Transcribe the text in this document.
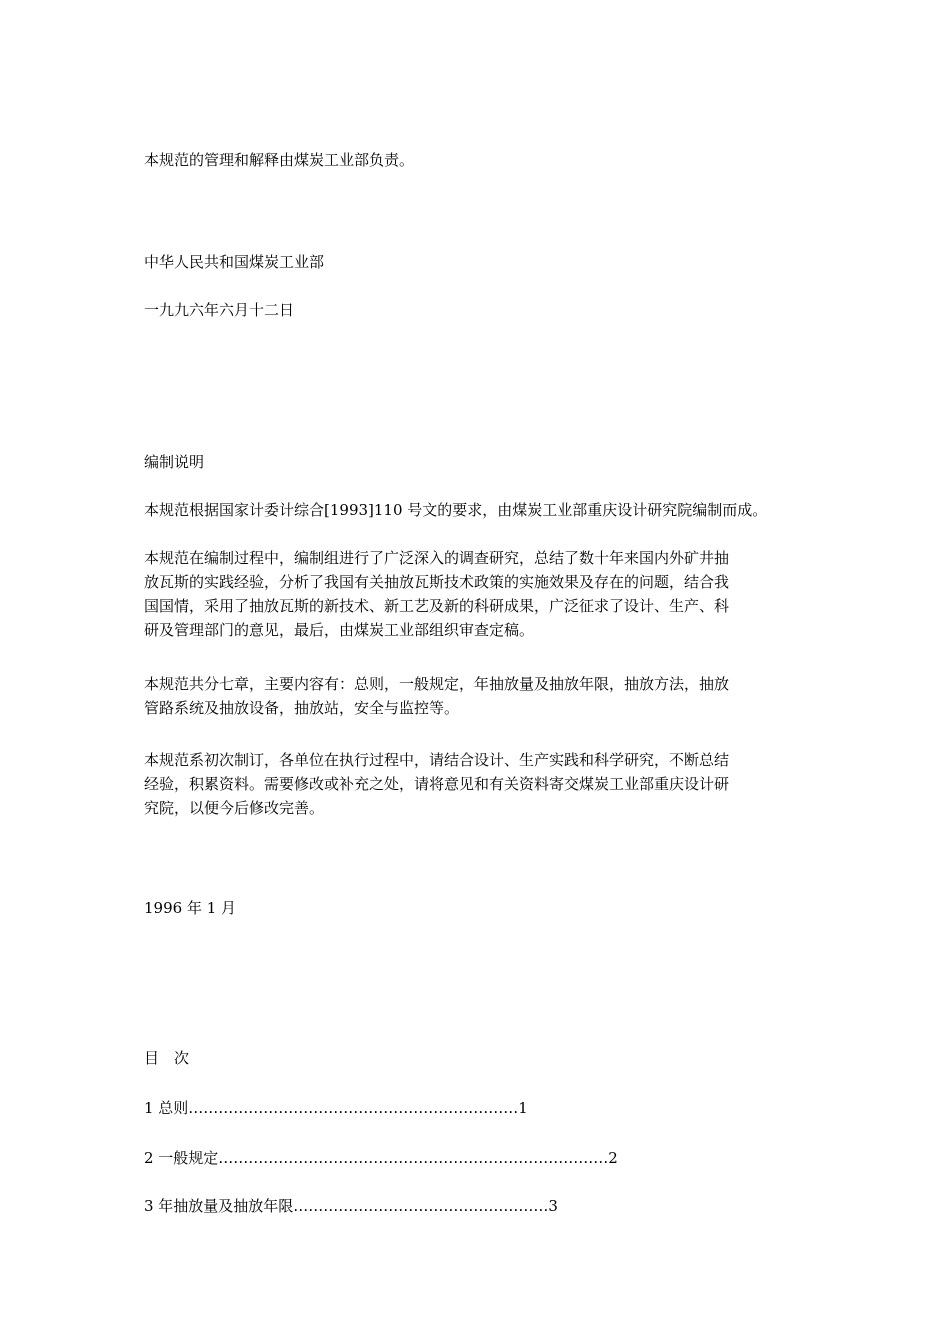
本规范的管理和解释由煤炭工业部负责。
中华人民共和国煤炭工业部
一九九六年六月十二日
编制说明
本规范根据国家计委计综合[1993]110 号文的要求，由煤炭工业部重庆设计研究院编制而成。
本规范在编制过程中，编制组进行了广泛深入的调查研究，总结了数十年来国内外矿井抽
放瓦斯的实践经验，分析了我国有关抽放瓦斯技术政策的实施效果及存在的问题，结合我
国国情，采用了抽放瓦斯的新技术、新工艺及新的科研成果，广泛征求了设计、生产、科
研及管理部门的意见，最后，由煤炭工业部组织审查定稿。
本规范共分七章，主要内容有：总则，一般规定，年抽放量及抽放年限，抽放方法，抽放
管路系统及抽放设备，抽放站，安全与监控等。
本规范系初次制订，各单位在执行过程中，请结合设计、生产实践和科学研究，不断总结
经验，积累资料。需要修改或补充之处，请将意见和有关资料寄交煤炭工业部重庆设计研
究院，以便今后修改完善。
1996 年 1 月
目　次
1 总则…………………………………………………………1
2 一般规定……………………………………………………………………2
3 年抽放量及抽放年限……………………………………………3
